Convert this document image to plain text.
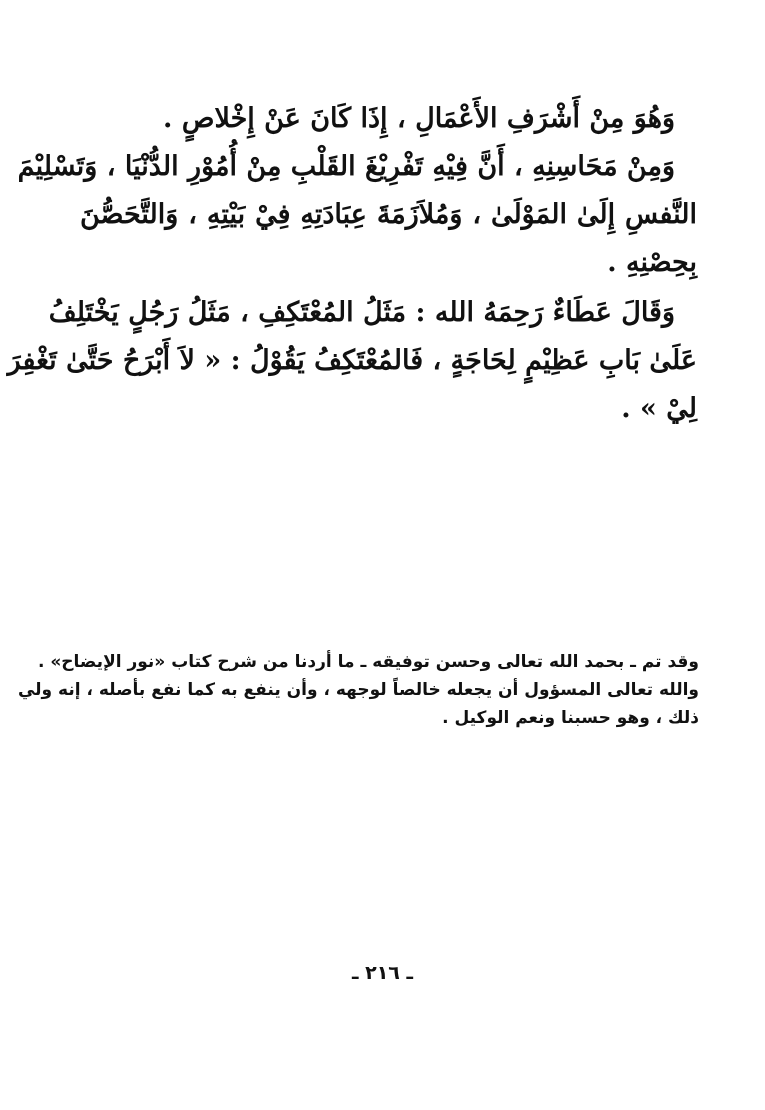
وَهُوَ مِنْ أَشْرَفِ الأَعْمَالِ ، إِذَا كَانَ عَنْ إِخْلاصٍ .
وَمِنْ مَحَاسِنِهِ ، أَنَّ فِيْهِ تَفْرِيْغَ القَلْبِ مِنْ أُمُوْرِ الدُّنْيَا ، وَتَسْلِيْمَ
النَّفسِ إِلَىٰ المَوْلَىٰ ، وَمُلاَزَمَةَ عِبَادَتِهِ فِيْ بَيْتِهِ ، وَالتَّحَصُّنَ
بِحِصْنِهِ .
وَقَالَ عَطَاءٌ رَحِمَهُ الله : مَثَلُ المُعْتَكِفِ ، مَثَلُ رَجُلٍ يَخْتَلِفُ
عَلَىٰ بَابِ عَظِيْمٍ لِحَاجَةٍ ، فَالمُعْتَكِفُ يَقُوْلُ : « لاَ أَبْرَحُ حَتَّىٰ تَغْفِرَ
لِيْ » .
وقد تم ـ بحمد الله تعالى وحسن توفيقه ـ ما أردنا من شرح كتاب «نور الإيضاح» .
والله تعالى المسؤول أن يجعله خالصاً لوجهه ، وأن ينفع به كما نفع بأصله ، إنه ولي
ذلك ، وهو حسبنا ونعم الوكيل .
ـ ٢١٦ ـ
